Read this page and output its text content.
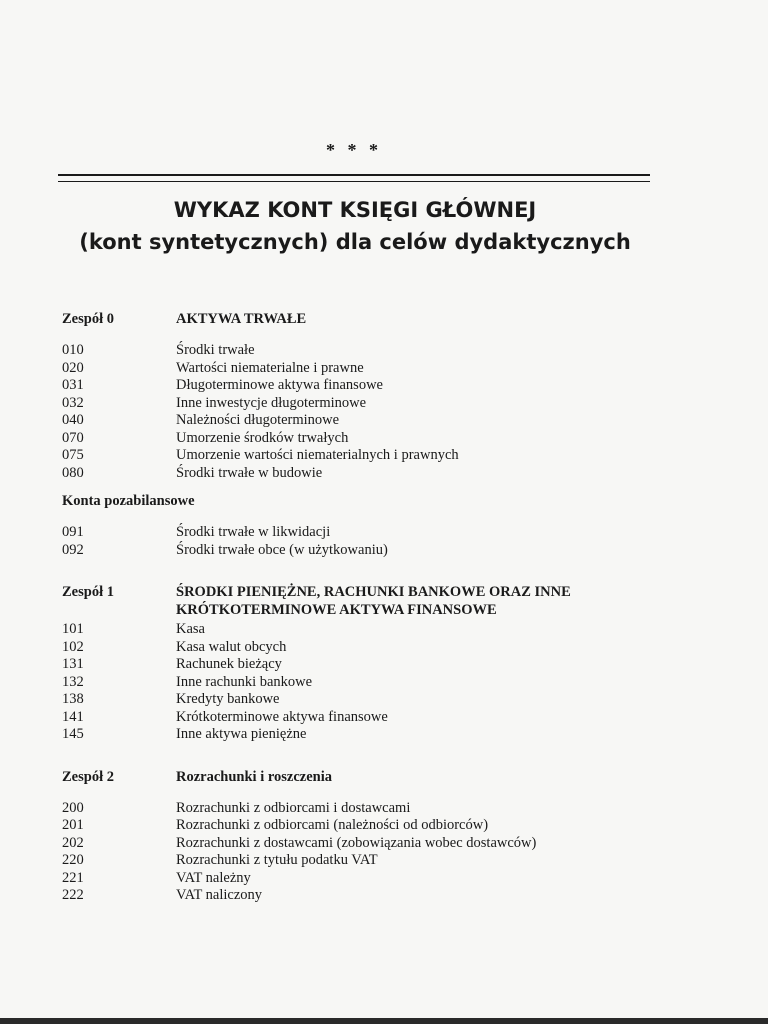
* * *
WYKAZ KONT KSIĘGI GŁÓWNEJ
(kont syntetycznych) dla celów dydaktycznych
Zespół 0	AKTYWA TRWAŁE
010	Środki trwałe
020	Wartości niematerialne i prawne
031	Długoterminowe aktywa finansowe
032	Inne inwestycje długoterminowe
040	Należności długoterminowe
070	Umorzenie środków trwałych
075	Umorzenie wartości niematerialnych i prawnych
080	Środki trwałe w budowie
Konta pozabilansowe
091	Środki trwałe w likwidacji
092	Środki trwałe obce (w użytkowaniu)
Zespół 1	ŚRODKI PIENIĘŻNE, RACHUNKI BANKOWE ORAZ INNE
KRÓTKOTERMINOWE AKTYWA FINANSOWE
101	Kasa
102	Kasa walut obcych
131	Rachunek bieżący
132	Inne rachunki bankowe
138	Kredyty bankowe
141	Krótkoterminowe aktywa finansowe
145	Inne aktywa pieniężne
Zespół 2	Rozrachunki i roszczenia
200	Rozrachunki z odbiorcami i dostawcami
201	Rozrachunki z odbiorcami (należności od odbiorców)
202	Rozrachunki z dostawcami (zobowiązania wobec dostawców)
220	Rozrachunki z tytułu podatku VAT
221	VAT należny
222	VAT naliczony
